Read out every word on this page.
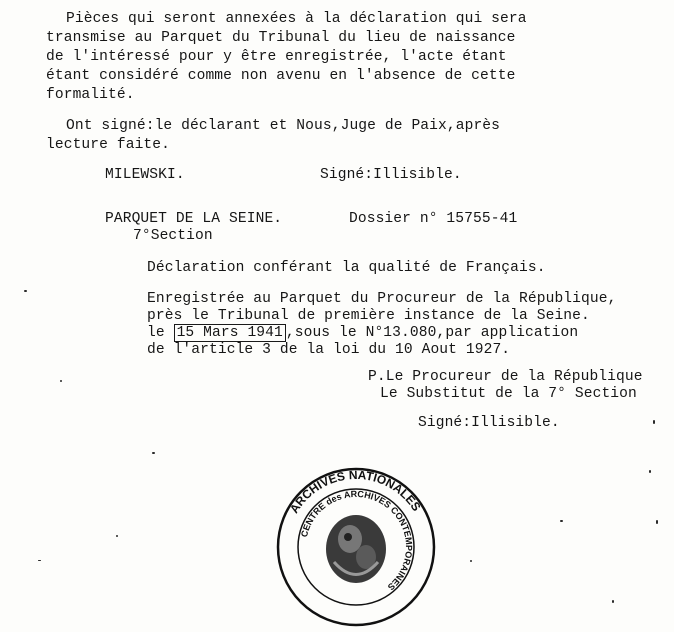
Pièces qui seront annexées à la déclaration qui sera
transmise au Parquet du Tribunal du lieu de naissance
de l'intéressé pour y être enregistrée, l'acte étant
étant considéré comme non avenu en l'absence de cette
formalité.
Ont signé:le déclarant et Nous,Juge de Paix,après
lecture faite.
MILEWSKI.	Signé:Illisible.
PARQUET DE LA SEINE.	Dossier n° 15755-41
7°Section
Déclaration conférant la qualité de Français.
Enregistrée au Parquet du Procureur de la République,
près le Tribunal de première instance de la Seine.
le 15 Mars 1941 ,sous le N°13.080,par application
de l'article 3 de la loi du 10 Aout 1927.
P.Le Procureur de la République
Le Substitut de la 7° Section
Signé:Illisible.
ARCHIVES NATIONALES
CENTRE des ARCHIVES CONTEMPORAINES
